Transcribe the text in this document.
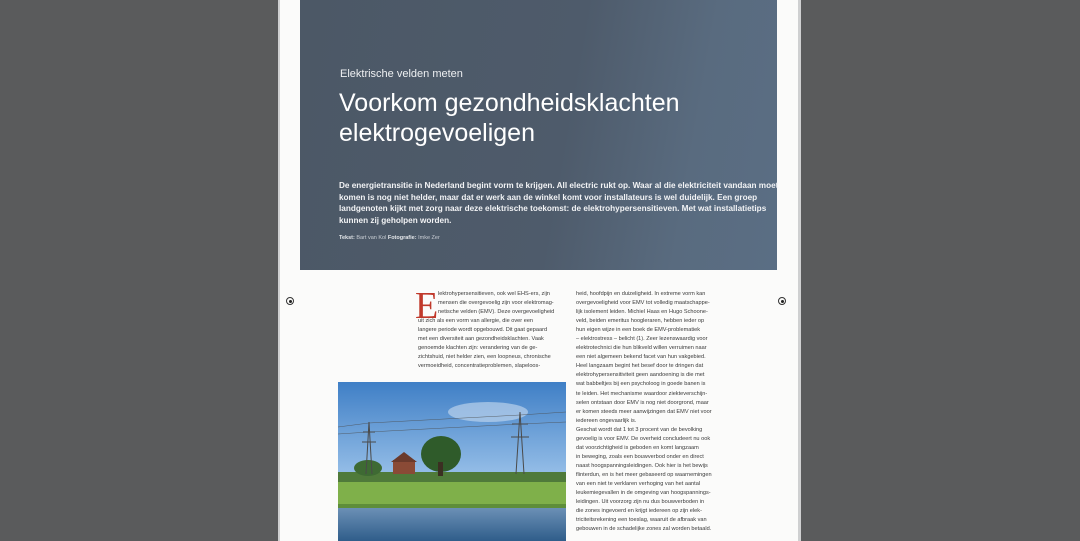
Elektrische velden meten
Voorkom gezondheidsklachten
elektrogevoeligen

De energietransitie in Nederland begint vorm te krijgen. All electric rukt op. Waar al die elektriciteit vandaan moet komen is nog niet helder, maar dat er werk aan de winkel komt voor installateurs is wel duidelijk. Een groep landgenoten kijkt met zorg naar deze elektrische toekomst: de elektrohypersensitieven. Met wat installatietips kunnen zij geholpen worden.

Tekst: Bart van Kol Fotografie: Imke Zer
E lektrohypersensitieven, ook wel EHS-ers, zijn

mensen die overgevoelig zijn voor elektromag-

netische velden (EMV). Deze overgevoeligheid

uit zich als een vorm van allergie, die over een

langere periode wordt opgebouwd. Dit gaat gepaard

met een diversiteit aan gezondheidsklachten. Vaak

genoemde klachten zijn: verandering van de ge-

zichtshuid, niet helder zien, een loopneus, chronische

vermoeidheid, concentratieproblemen, slapeloos-

heid, hoofdpijn en duizeligheid. In extreme vorm kan

overgevoeligheid voor EMV tot volledig maatschappe-

lijk isolement leiden. Michiel Haas en Hugo Schoone-

veld, beiden emeritus hoogleraren, hebben ieder op

hun eigen wijze in een boek de EMV-problematiek

– elektrostress – belicht (1). Zeer lezenswaardig voor

elektrotechnici die hun blikveld willen verruimen naar

een niet algemeen bekend facet van hun vakgebied.

Heel langzaam begint het besef door te dringen dat

elektrohypersensitiviteit geen aandoening is die met

wat babbeltjes bij een psycholoog in goede banen is

te leiden. Het mechanisme waardoor ziekteverschijn-

selen ontstaan door EMV is nog niet doorgrond, maar

er komen steeds meer aanwijzingen dat EMV niet voor

iedereen ongevaarlijk is.

Geschat wordt dat 1 tot 3 procent van de bevolking

gevoelig is voor EMV. De overheid concludeert nu ook

dat voorzichtigheid is geboden en komt langzaam

in beweging, zoals een bouwverbod onder en direct

naast hoogspanningsleidingen. Ook hier is het bewijs

flinterdun, en is het meer gebaseerd op waarnemingen

van een niet te verklaren verhoging van het aantal

leukemiegevallen in de omgeving van hoogspannings-

leidingen. Uit voorzorg zijn nu dus bouwverboden in

die zones ingevoerd en krijgt iedereen op zijn elek-

triciteitsrekening een toeslag, waaruit de afbraak van

gebouwen in de schadelijke zones zal worden betaald.
